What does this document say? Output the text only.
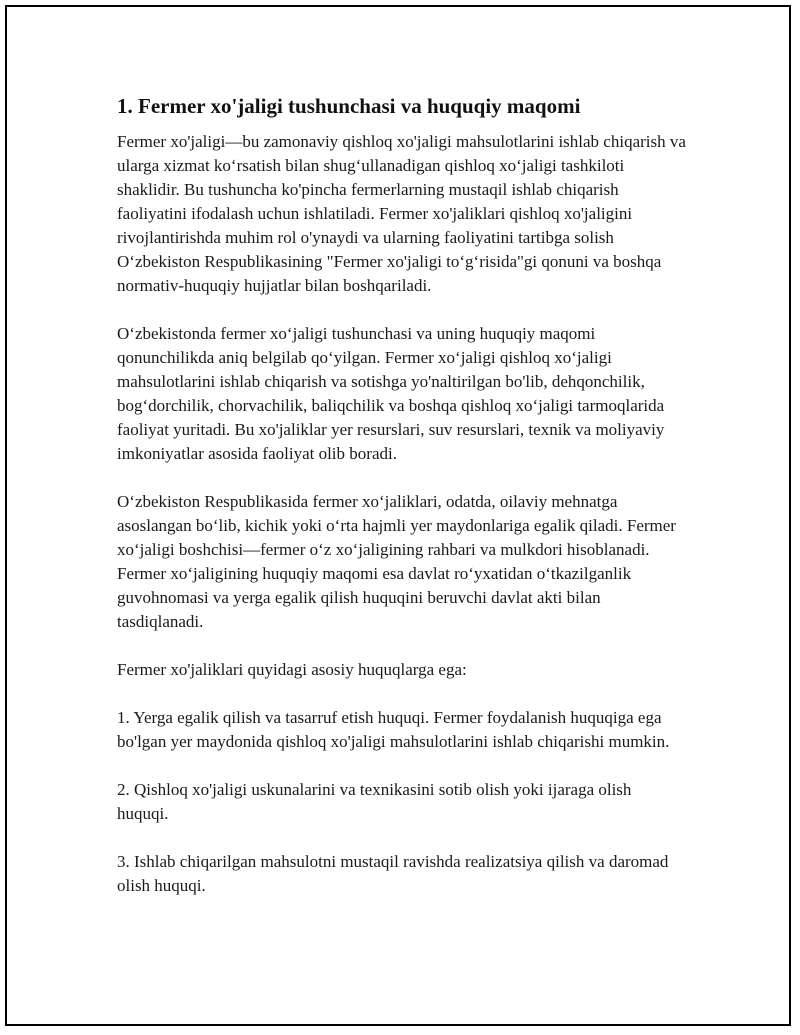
1. Fermer xo'jaligi tushunchasi va huquqiy maqomi

Fermer xo'jaligi—bu zamonaviy qishloq xo'jaligi mahsulotlarini ishlab chiqarish va ularga xizmat ko‘rsatish bilan shug‘ullanadigan qishloq xo‘jaligi tashkiloti shaklidir. Bu tushuncha ko'pincha fermerlarning mustaqil ishlab chiqarish faoliyatini ifodalash uchun ishlatiladi. Fermer xo'jaliklari qishloq xo'jaligini rivojlantirishda muhim rol o'ynaydi va ularning faoliyatini tartibga solish O‘zbekiston Respublikasining "Fermer xo'jaligi to‘g‘risida"gi qonuni va boshqa normativ-huquqiy hujjatlar bilan boshqariladi.

O‘zbekistonda fermer xo‘jaligi tushunchasi va uning huquqiy maqomi qonunchilikda aniq belgilab qo‘yilgan. Fermer xo‘jaligi qishloq xo‘jaligi mahsulotlarini ishlab chiqarish va sotishga yo'naltirilgan bo'lib, dehqonchilik, bog‘dorchilik, chorvachilik, baliqchilik va boshqa qishloq xo‘jaligi tarmoqlarida faoliyat yuritadi. Bu xo'jaliklar yer resurslari, suv resurslari, texnik va moliyaviy imkoniyatlar asosida faoliyat olib boradi.

O‘zbekiston Respublikasida fermer xo‘jaliklari, odatda, oilaviy mehnatga asoslangan bo‘lib, kichik yoki o‘rta hajmli yer maydonlariga egalik qiladi. Fermer xo‘jaligi boshchisi—fermer o‘z xo‘jaligining rahbari va mulkdori hisoblanadi. Fermer xo‘jaligining huquqiy maqomi esa davlat ro‘yxatidan o‘tkazilganlik guvohnomasi va yerga egalik qilish huquqini beruvchi davlat akti bilan tasdiqlanadi.

Fermer xo'jaliklari quyidagi asosiy huquqlarga ega:

1. Yerga egalik qilish va tasarruf etish huquqi. Fermer foydalanish huquqiga ega bo'lgan yer maydonida qishloq xo'jaligi mahsulotlarini ishlab chiqarishi mumkin.

2. Qishloq xo'jaligi uskunalarini va texnikasini sotib olish yoki ijaraga olish huquqi.

3. Ishlab chiqarilgan mahsulotni mustaqil ravishda realizatsiya qilish va daromad olish huquqi.
